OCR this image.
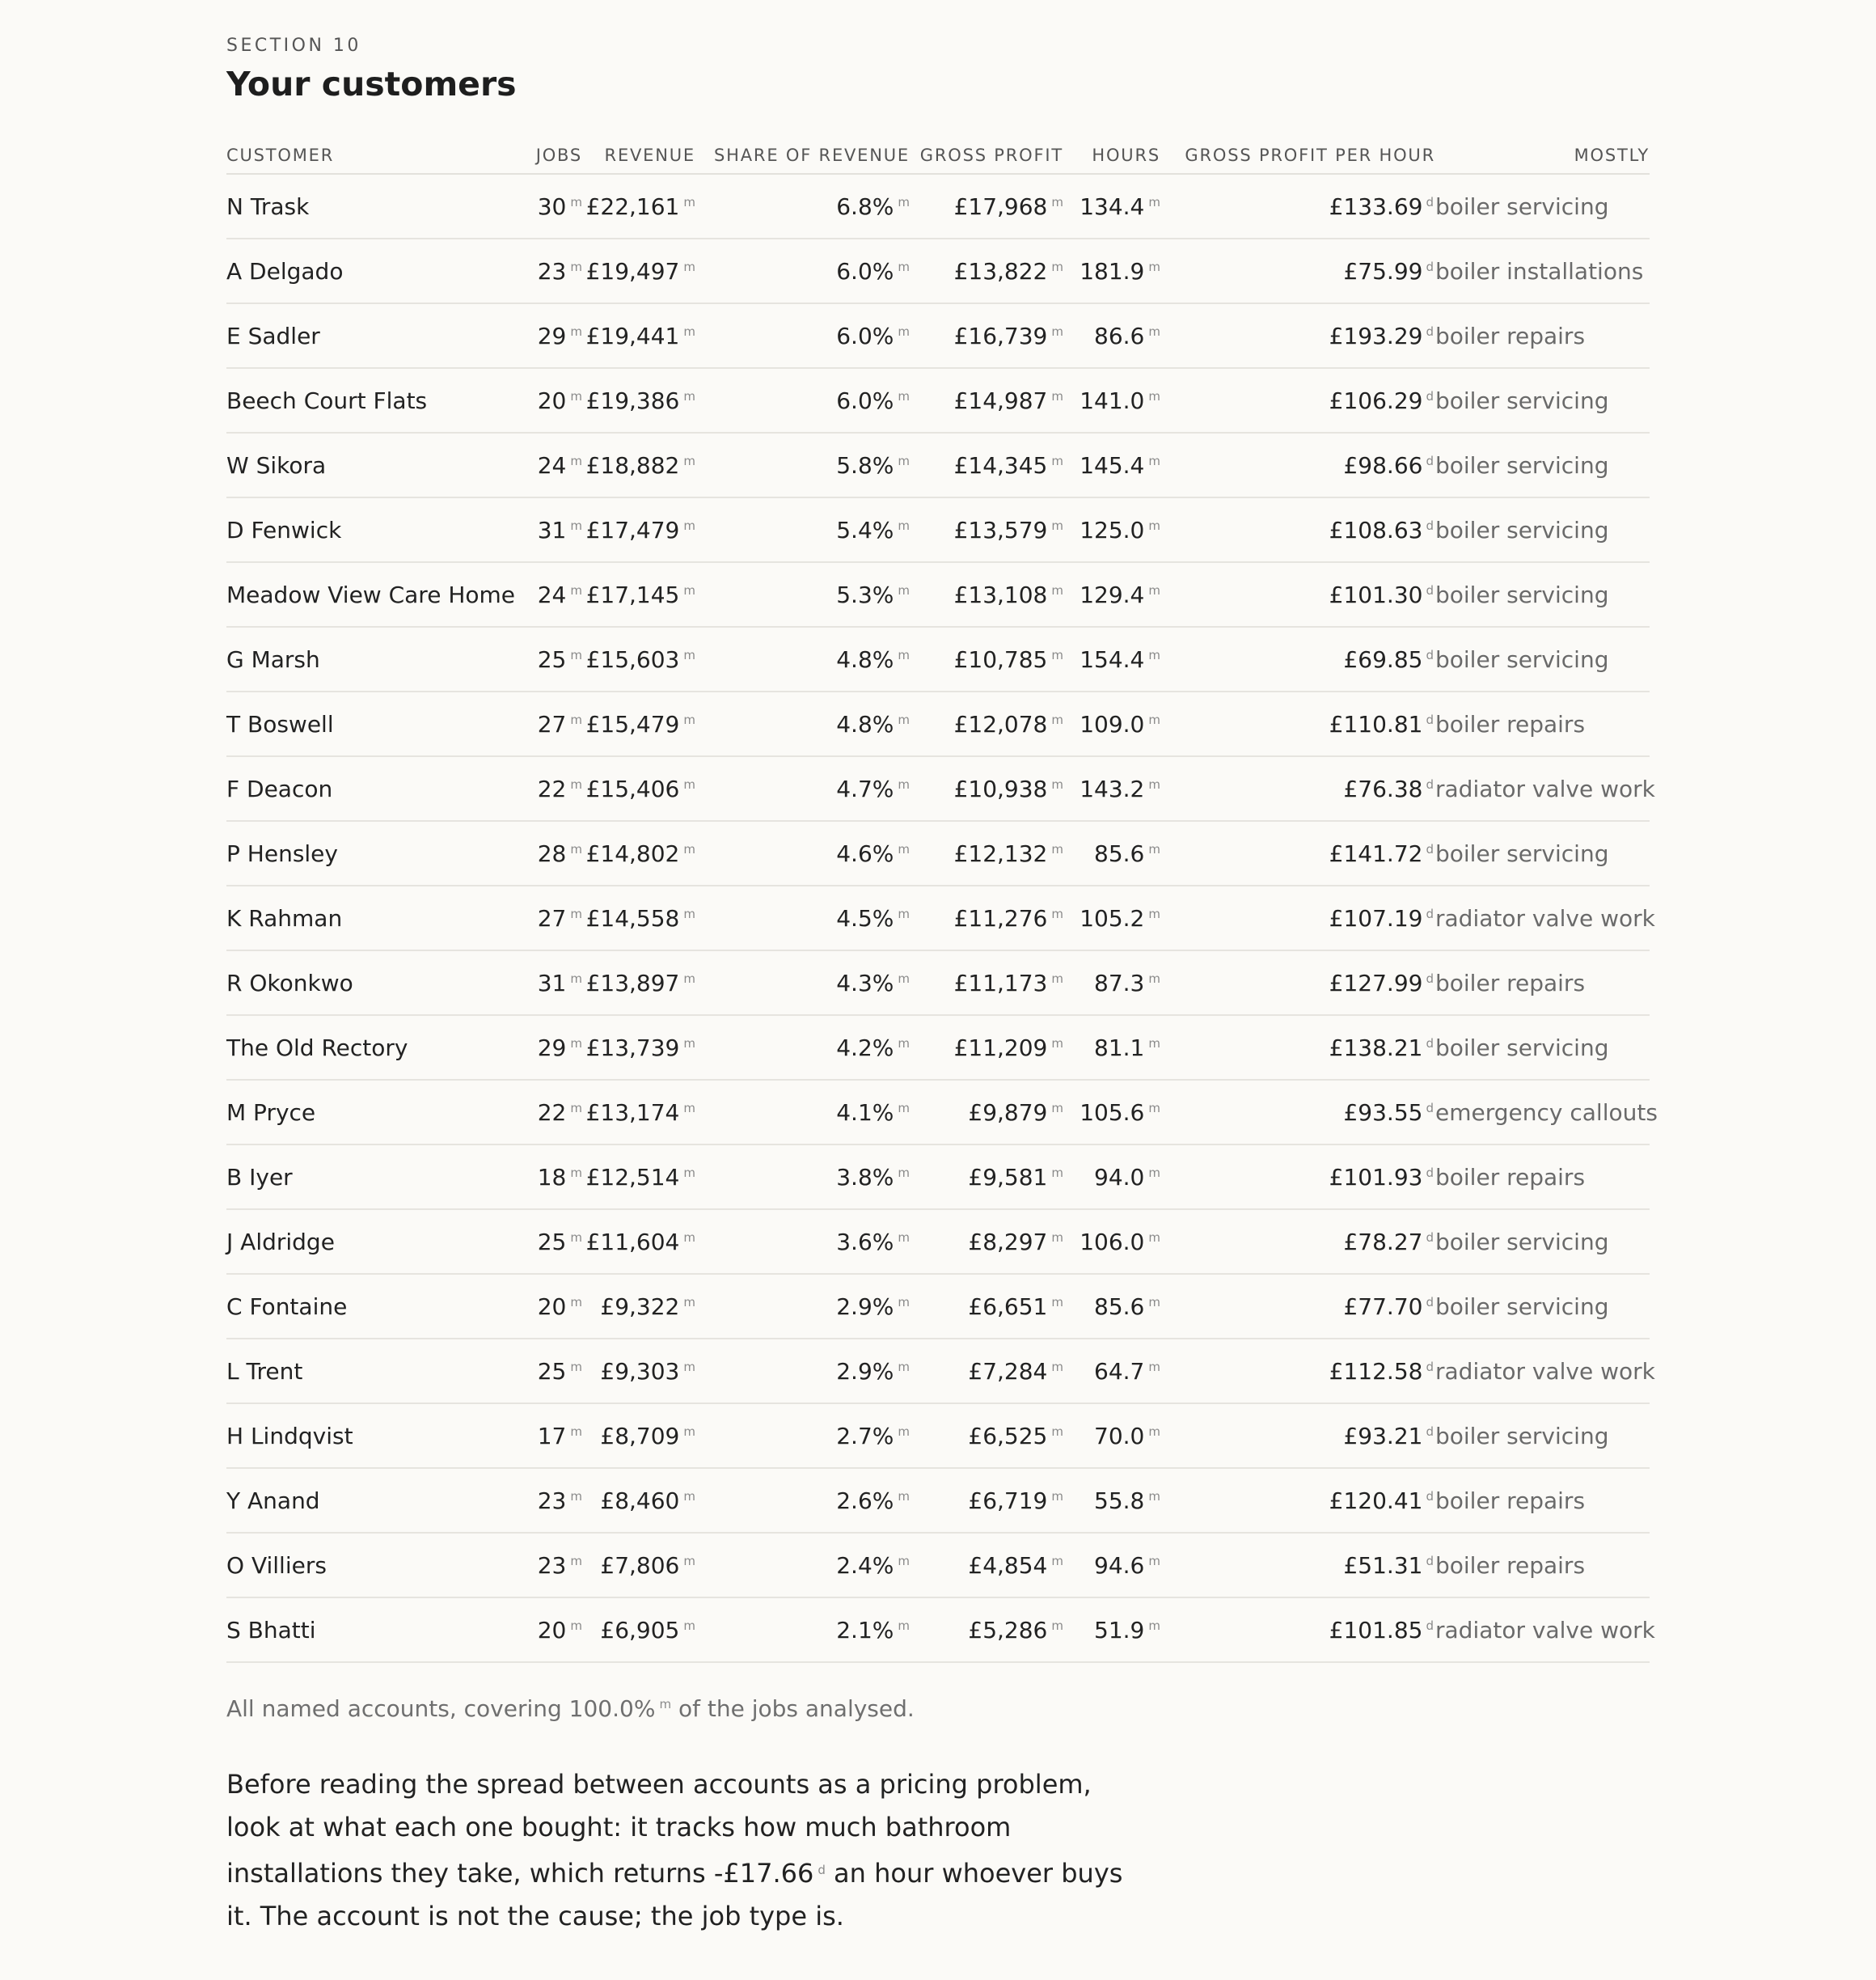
SECTION 10
Your customers
CUSTOMER	JOBS	REVENUE	SHARE OF REVENUE	GROSS PROFIT	HOURS	GROSS PROFIT PER HOUR	MOSTLY
N Trask	30 $^m$	£22,161 $^m$	6.8% $^m$	£17,968 $^m$	134.4 $^m$	£133.69 $^d$	boiler servicing
A Delgado	23 $^m$	£19,497 $^m$	6.0% $^m$	£13,822 $^m$	181.9 $^m$	£75.99 $^d$	boiler installations
E Sadler	29 $^m$	£19,441 $^m$	6.0% $^m$	£16,739 $^m$	86.6 $^m$	£193.29 $^d$	boiler repairs
Beech Court Flats	20 $^m$	£19,386 $^m$	6.0% $^m$	£14,987 $^m$	141.0 $^m$	£106.29 $^d$	boiler servicing
W Sikora	24 $^m$	£18,882 $^m$	5.8% $^m$	£14,345 $^m$	145.4 $^m$	£98.66 $^d$	boiler servicing
D Fenwick	31 $^m$	£17,479 $^m$	5.4% $^m$	£13,579 $^m$	125.0 $^m$	£108.63 $^d$	boiler servicing
Meadow View Care Home	24 $^m$	£17,145 $^m$	5.3% $^m$	£13,108 $^m$	129.4 $^m$	£101.30 $^d$	boiler servicing
G Marsh	25 $^m$	£15,603 $^m$	4.8% $^m$	£10,785 $^m$	154.4 $^m$	£69.85 $^d$	boiler servicing
T Boswell	27 $^m$	£15,479 $^m$	4.8% $^m$	£12,078 $^m$	109.0 $^m$	£110.81 $^d$	boiler repairs
F Deacon	22 $^m$	£15,406 $^m$	4.7% $^m$	£10,938 $^m$	143.2 $^m$	£76.38 $^d$	radiator valve work
P Hensley	28 $^m$	£14,802 $^m$	4.6% $^m$	£12,132 $^m$	85.6 $^m$	£141.72 $^d$	boiler servicing
K Rahman	27 $^m$	£14,558 $^m$	4.5% $^m$	£11,276 $^m$	105.2 $^m$	£107.19 $^d$	radiator valve work
R Okonkwo	31 $^m$	£13,897 $^m$	4.3% $^m$	£11,173 $^m$	87.3 $^m$	£127.99 $^d$	boiler repairs
The Old Rectory	29 $^m$	£13,739 $^m$	4.2% $^m$	£11,209 $^m$	81.1 $^m$	£138.21 $^d$	boiler servicing
M Pryce	22 $^m$	£13,174 $^m$	4.1% $^m$	£9,879 $^m$	105.6 $^m$	£93.55 $^d$	emergency callouts
B Iyer	18 $^m$	£12,514 $^m$	3.8% $^m$	£9,581 $^m$	94.0 $^m$	£101.93 $^d$	boiler repairs
J Aldridge	25 $^m$	£11,604 $^m$	3.6% $^m$	£8,297 $^m$	106.0 $^m$	£78.27 $^d$	boiler servicing
C Fontaine	20 $^m$	£9,322 $^m$	2.9% $^m$	£6,651 $^m$	85.6 $^m$	£77.70 $^d$	boiler servicing
L Trent	25 $^m$	£9,303 $^m$	2.9% $^m$	£7,284 $^m$	64.7 $^m$	£112.58 $^d$	radiator valve work
H Lindqvist	17 $^m$	£8,709 $^m$	2.7% $^m$	£6,525 $^m$	70.0 $^m$	£93.21 $^d$	boiler servicing
Y Anand	23 $^m$	£8,460 $^m$	2.6% $^m$	£6,719 $^m$	55.8 $^m$	£120.41 $^d$	boiler repairs
O Villiers	23 $^m$	£7,806 $^m$	2.4% $^m$	£4,854 $^m$	94.6 $^m$	£51.31 $^d$	boiler repairs
S Bhatti	20 $^m$	£6,905 $^m$	2.1% $^m$	£5,286 $^m$	51.9 $^m$	£101.85 $^d$	radiator valve work
All named accounts, covering 100.0% $^m$ of the jobs analysed.
Before reading the spread between accounts as a pricing problem, look at what each one bought: it tracks how much bathroom installations they take, which returns -£17.66 $^d$ an hour whoever buys it. The account is not the cause; the job type is.
